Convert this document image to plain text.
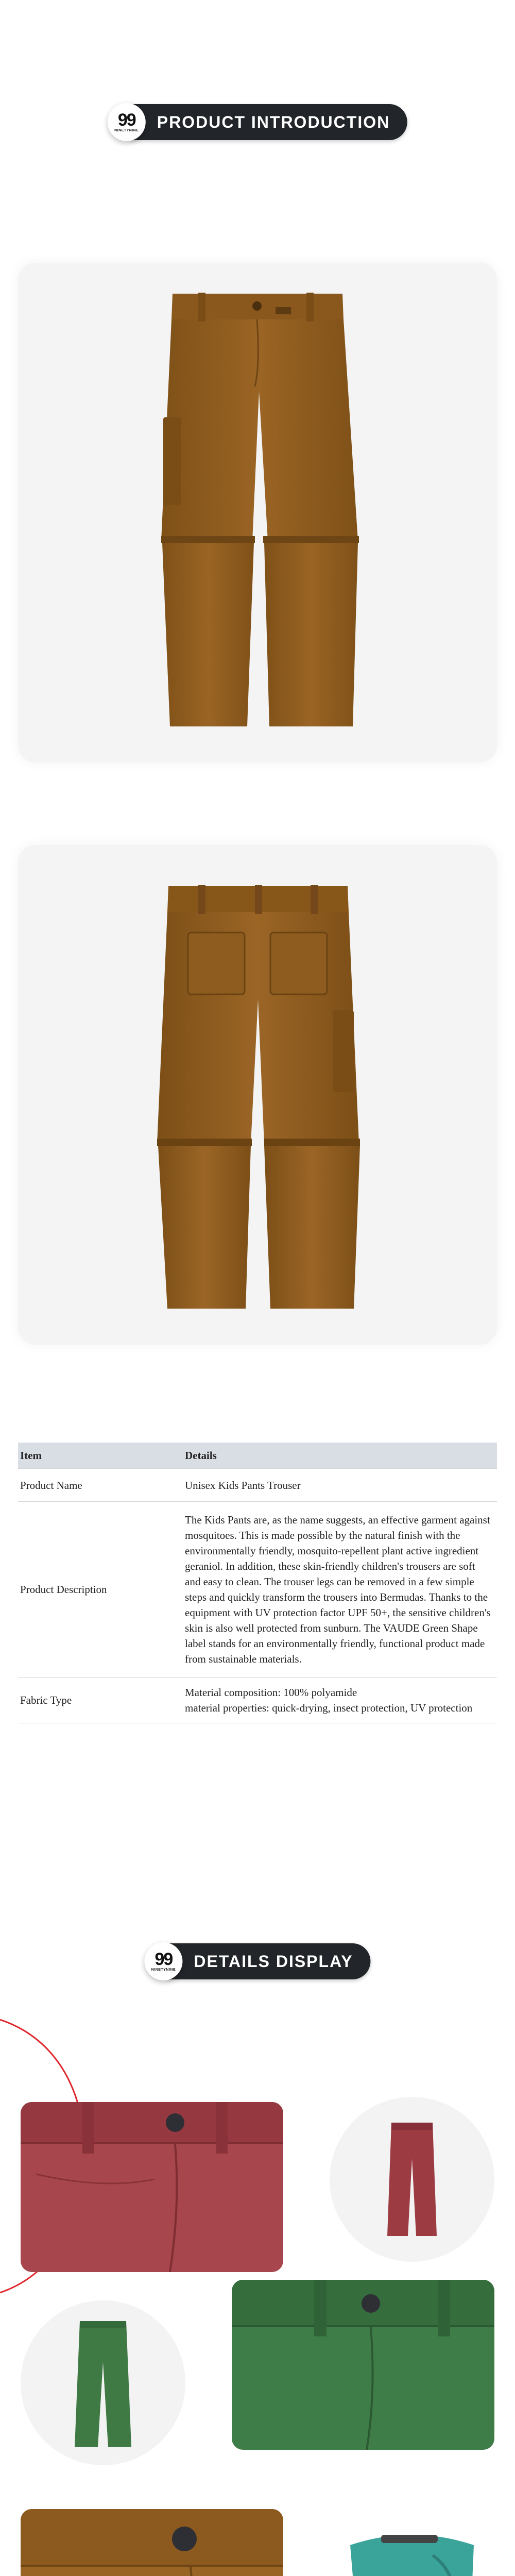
99
NINETYNINE PRODUCT INTRODUCTION
Item	Details
Product Name	Unisex Kids Pants Trouser
Product Description	The Kids Pants are, as the name suggests, an effective garment against mosquitoes. This is made possible by the natural finish with the environmentally friendly, mosquito-repellent plant active ingredient geraniol. In addition, these skin-friendly children's trousers are soft and easy to clean. The trouser legs can be removed in a few simple steps and quickly transform the trousers into Bermudas. Thanks to the equipment with UV protection factor UPF 50+, the sensitive children's skin is also well protected from sunburn. The VAUDE Green Shape label stands for an environmentally friendly, functional product made from sustainable materials.
Fabric Type	Material composition: 100% polyamide
material properties: quick-drying, insect protection, UV protection
99
NINETYNINE DETAILS DISPLAY
